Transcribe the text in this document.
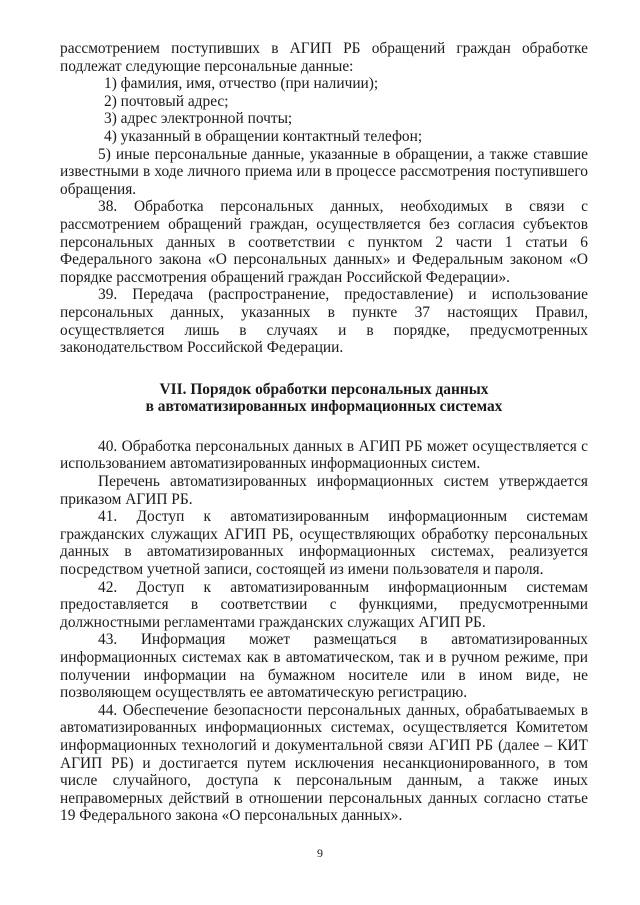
рассмотрением поступивших в АГИП РБ обращений граждан обработке подлежат следующие персональные данные:

1) фамилия, имя, отчество (при наличии);

2) почтовый адрес;

3) адрес электронной почты;

4) указанный в обращении контактный телефон;

5) иные персональные данные, указанные в обращении, а также ставшие известными в ходе личного приема или в процессе рассмотрения поступившего обращения.

38. Обработка персональных данных, необходимых в связи с рассмотрением обращений граждан, осуществляется без согласия субъектов персональных данных в соответствии с пунктом 2 части 1 статьи 6 Федерального закона «О персональных данных» и Федеральным законом «О порядке рассмотрения обращений граждан Российской Федерации».

39. Передача (распространение, предоставление) и использование персональных данных, указанных в пункте 37 настоящих Правил, осуществляется лишь в случаях и в порядке, предусмотренных законодательством Российской Федерации.

VII. Порядок обработки персональных данных
в автоматизированных информационных системах

40. Обработка персональных данных в АГИП РБ может осуществляется с использованием автоматизированных информационных систем.

Перечень автоматизированных информационных систем утверждается приказом АГИП РБ.

41. Доступ к автоматизированным информационным системам гражданских служащих АГИП РБ, осуществляющих обработку персональных данных в автоматизированных информационных системах, реализуется посредством учетной записи, состоящей из имени пользователя и пароля.

42. Доступ к автоматизированным информационным системам предоставляется в соответствии с функциями, предусмотренными должностными регламентами гражданских служащих АГИП РБ.

43. Информация может размещаться в автоматизированных информационных системах как в автоматическом, так и в ручном режиме, при получении информации на бумажном носителе или в ином виде, не позволяющем осуществлять ее автоматическую регистрацию.

44. Обеспечение безопасности персональных данных, обрабатываемых в автоматизированных информационных системах, осуществляется Комитетом информационных технологий и документальной связи АГИП РБ (далее – КИТ АГИП РБ) и достигается путем исключения несанкционированного, в том числе случайного, доступа к персональным данным, а также иных неправомерных действий в отношении персональных данных согласно статье 19 Федерального закона «О персональных данных».

9
